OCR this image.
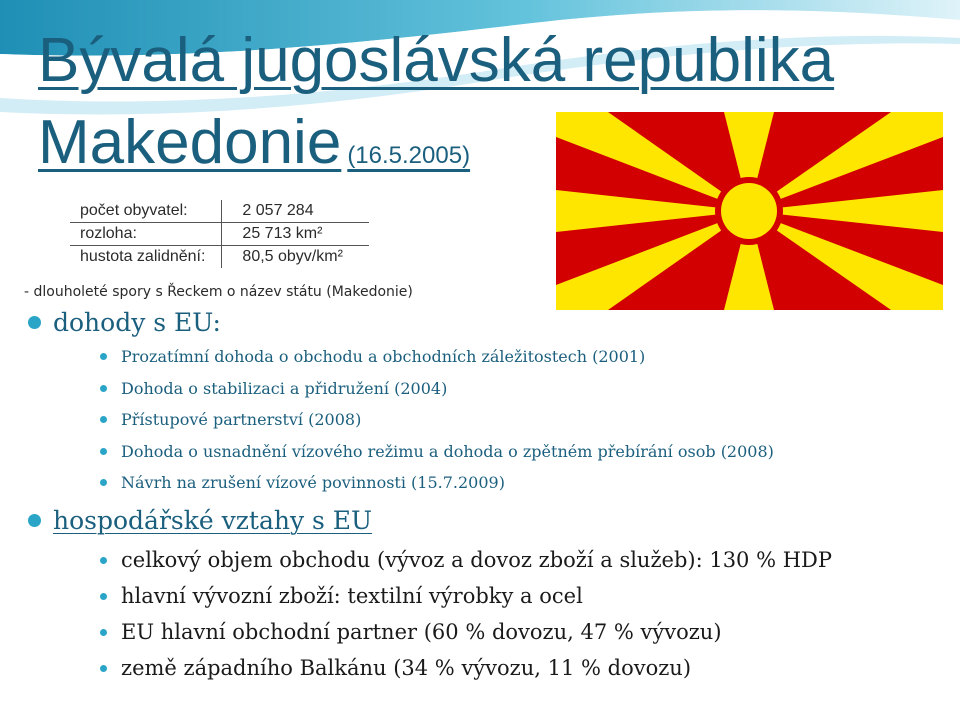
Bývalá jugoslávská republika
Makedonie (16.5.2005)
počet obyvatel:	2 057 284
rozloha:	25 713 km²
hustota zalidnění:	80,5 obyv/km²
- dlouholeté spory s Řeckem o název státu (Makedonie)
dohody s EU:
Prozatímní dohoda o obchodu a obchodních záležitostech (2001)
Dohoda o stabilizaci a přidružení (2004)
Přístupové partnerství (2008)
Dohoda o usnadnění vízového režimu a dohoda o zpětném přebírání osob (2008)
Návrh na zrušení vízové povinnosti (15.7.2009)
hospodářské vztahy s EU
celkový objem obchodu (vývoz a dovoz zboží a služeb): 130 % HDP
hlavní vývozní zboží: textilní výrobky a ocel
EU hlavní obchodní partner (60 % dovozu, 47 % vývozu)
země západního Balkánu (34 % vývozu, 11 % dovozu)
